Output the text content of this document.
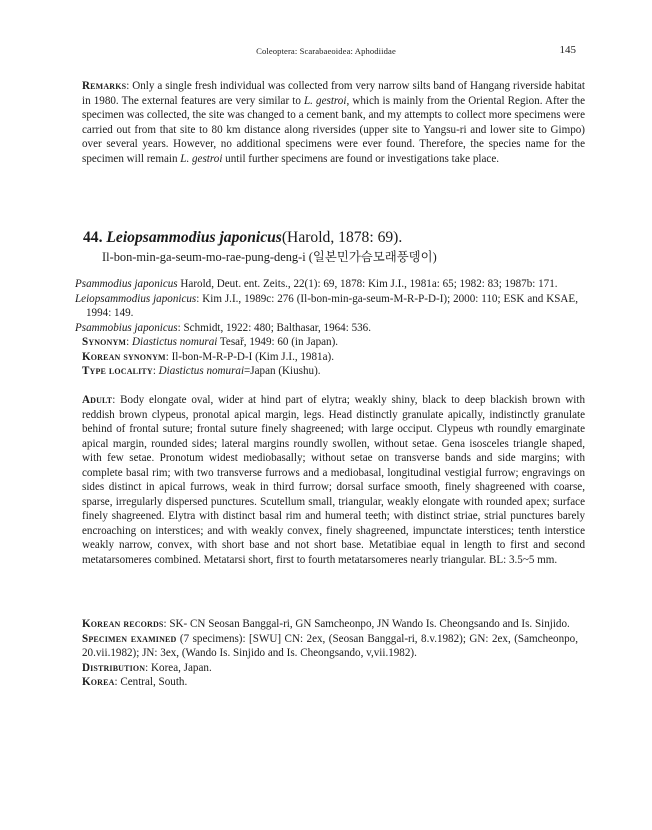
Coleoptera: Scarabaeoidea: Aphodiidae	145
Remarks: Only a single fresh individual was collected from very narrow silts band of Hangang riverside habitat in 1980. The external features are very similar to L. gestroi, which is mainly from the Oriental Region. After the specimen was collected, the site was changed to a cement bank, and my attempts to collect more specimens were carried out from that site to 80 km distance along riversides (upper site to Yangsu-ri and lower site to Gimpo) over several years. However, no additional specimens were ever found. Therefore, the species name for the specimen will remain L. gestroi until further specimens are found or investigations take place.
44. Leiopsammodius japonicus(Harold, 1878: 69).
Il-bon-min-ga-seum-mo-rae-pung-deng-i (일본민가슴모래풍뎅이)
Psammodius japonicus Harold, Deut. ent. Zeits., 22(1): 69, 1878: Kim J.I., 1981a: 65; 1982: 83; 1987b: 171.
Leiopsammodius japonicus: Kim J.I., 1989c: 276 (Il-bon-min-ga-seum-M-R-P-D-I); 2000: 110; ESK and KSAE, 1994: 149.
Psammobius japonicus: Schmidt, 1922: 480; Balthasar, 1964: 536.
Synonym: Diastictus nomurai Tesař, 1949: 60 (in Japan).
Korean synonym: Il-bon-M-R-P-D-I (Kim J.I., 1981a).
Type locality: Diastictus nomurai=Japan (Kiushu).
Adult: Body elongate oval, wider at hind part of elytra; weakly shiny, black to deep blackish brown with reddish brown clypeus, pronotal apical margin, legs. Head distinctly granulate apically, indistinctly granulate behind of frontal suture; frontal suture finely shagreened; with large occiput. Clypeus wth roundly emarginate apical margin, rounded sides; lateral margins roundly swollen, without setae. Gena isosceles triangle shaped, with few setae. Pronotum widest mediobasally; without setae on transverse bands and side margins; with complete basal rim; with two transverse furrows and a mediobasal, longitudinal vestigial furrow; engravings on sides distinct in apical furrows, weak in third furrow; dorsal surface smooth, finely shagreened with coarse, sparse, irregularly dispersed punctures. Scutellum small, triangular, weakly elongate with rounded apex; surface finely shagreened. Elytra with distinct basal rim and humeral teeth; with distinct striae, strial punctures barely encroaching on interstices; and with weakly convex, finely shagreened, impunctate interstices; tenth interstice weakly narrow, convex, with short base and not short base. Metatibiae equal in length to first and second metatarsomeres combined. Metatarsi short, first to fourth metatarsomeres nearly triangular. BL: 3.5~5 mm.
Korean records: SK- CN Seosan Banggal-ri, GN Samcheonpo, JN Wando Is. Cheongsando and Is. Sinjido.
Specimen examined (7 specimens): [SWU] CN: 2ex, (Seosan Banggal-ri, 8.v.1982); GN: 2ex, (Samcheonpo, 20.vii.1982); JN: 3ex, (Wando Is. Sinjido and Is. Cheongsando, v,vii.1982).
Distribution: Korea, Japan.
Korea: Central, South.
